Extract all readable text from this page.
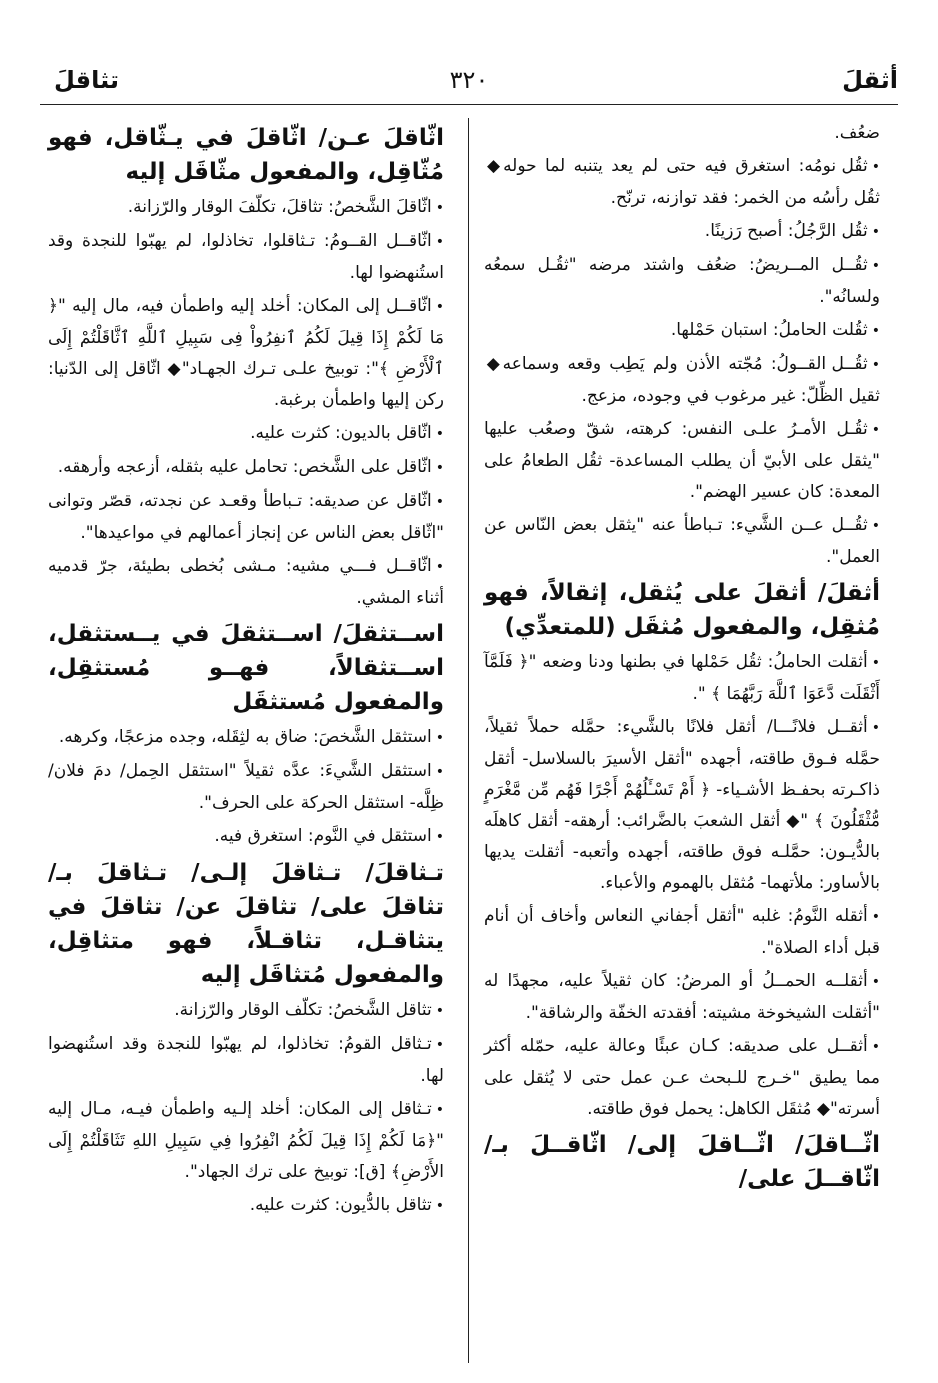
أثقلَ
٣٢٠
تثاقلَ

ضعُف.

•ثقُل نومُه: استغرق فيه حتى لم يعد يتنبه لما حوله◆ ثقُل رأسُه من الخمر: فقد توازنه، ترنّح.

•ثقُل الرَّجُلُ: أصبح رَزينًا.

•ثقُــل المــريضُ: ضعُف واشتد مرضه "ثقُـل سمعُه ولسانُه".

•ثقُلت الحاملُ: استبان حَمْلها.

•ثقُــل القــولُ: مُجّته الأذن ولم يَطِب وقعه وسماعه◆ ثقيل الظِّلّ: غير مرغوب في وجوده، مزعج.

•ثقُـل الأمـرُ علـى النفس: كرهته، شقّ وصعُب عليها "يثقل على الأبيّ أن يطلب المساعدة- ثقُل الطعامُ على المعدة: كان عسير الهضم".

•ثقُــل عــن الشَّيء: تـباطأ عنه "يثقل بعض النّاس عن العمل".

أثقلَ/ أثقلَ على يُثقل، إثقالاً، فهو مُثقِل، والمفعول مُثقَل (للمتعدِّي)

•أثقلت الحاملُ: ثقُل حَمْلها في بطنها ودنا وضعه "﴿ فَلَمَّآ أَثْقَلَت دَّعَوَا ٱللَّهَ رَبَّهُمَا ﴾ ".

•أثقــل فلانًـــا/ أثقل فلانًا بالشَّيء: حمَّله حملاً ثقيلاً، حمَّله فـوق طاقته، أجهده "أثقل الأسيرَ بالسلاسل- أثقل ذاكـرته بحفـظ الأشـياء- ﴿ أَمْ تَسْـَٔلُهُمْ أَجْرًا فَهُم مِّن مَّغْرَمٍ مُّثْقَلُونَ ﴾ "◆ أثقل الشعبَ بالضَّرائب: أرهقه- أثقل كاهلَه بالدُّيـون: حمَّلـه فوق طاقته، أجهده وأتعبه- أثقلت يديها بالأساور: ملأتهما- مُثقل بالهموم والأعباء.

•أثقله النَّومُ: غلبه "أثقل أجفاني النعاس وأخاف أن أنام قبل أداء الصلاة".

•أثقلــه الحمــلُ أو المرضُ: كان ثقيلاً عليه، مجهدًا له "أثقلت الشيخوخة مشيته: أفقدته الخفّة والرشاقة".

•أثقــل على صديقه: كـان عبئًا وعالة عليه، حمّله أكثر مما يطيق "خـرج للـبحث عـن عمل حتى لا يُثقل على أسرته"◆ مُثقَل الكاهل: يحمل فوق طاقته.

اثّــاقلَ/ اثّــاقلَ إلى/ اثّاقــلَ بـ/ اثّاقــلَ على/

اثّاقلَ عـن/ اثّاقلَ في يـثّاقل، فهو مُثّاقِل، والمفعول مثّاقَل إليه

•اثّاقلَ الشَّخصُ: تثاقلَ، تكلّفَ الوقار والرّزانة.

•اثّاقــل القــومُ: تـثاقلوا، تخاذلوا، لم يهبّوا للنجدة وقد استُنهضوا لها.

•اثّاقــل إلى المكان: أخلد إليه واطمأن فيه، مال إليه "﴿ مَا لَكُمْ إِذَا قِيلَ لَكُمُ ٱنفِرُواْ فِى سَبِيلِ ٱللَّهِ ٱثَّاقَلْتُمْ إِلَى ٱلْأَرْضِ ﴾": توبيخ علـى تـرك الجهـاد"◆ اثّاقل إلى الدّنيا: ركن إليها واطمأن برغبة.

•اثّاقل بالديون: كثرت عليه.

•اثّاقل على الشَّخص: تحامل عليه بثقله، أزعجه وأرهقه.

•اثّاقل عن صديقه: تـباطأ وقعـد عن نجدته، قصّر وتوانى "اثّاقل بعض الناس عن إنجاز أعمالهم في مواعيدها".

•اثّاقــل فـــي مشيه: مـشى بُخطى بطيئة، جرّ قدميه أثناء المشي.

اســتثقلَ/ اســتثقلَ في يــستثقل، اســتثقالاً، فهــو مُستثقِل، والمفعول مُستثقَل

•استثقل الشَّخصَ: ضاق به لثِقَله، وجده مزعجًا، وكرهه.

•استثقل الشَّيءَ: عدَّه ثقيلاً "استثقل الحِمل/ دمَ فلان/ ظِلَّه- استثقل الحركة على الحرف".

•استثقل في النَّوم: استغرق فيه.

تـثاقلَ/ تـثاقلَ إلـى/ تـثاقلَ بـ/ تثاقلَ على/ تثاقلَ عن/ تثاقلَ في يتثاقـل، تثاقـلاً، فهو متثاقِل، والمفعول مُتثاقَل إليه

•تثاقل الشَّخصُ: تكلّف الوقار والرّزانة.

•تـثاقل القومُ: تخاذلوا، لم يهبّوا للنجدة وقد استُنهضوا لها.

•تـثاقل إلى المكان: أخلد إلـيه واطمأن فيـه، مـال إليه "﴿مَا لَكُمْ إِذَا قِيلَ لَكُمُ انْفِرُوا فِي سَبِيلِ اللهِ تَثَاقَلْتُمْ إِلَى الأَرْضِ﴾ [ق]: توبيخ على ترك الجهاد".

•تثاقل بالدُّيون: كثرت عليه.
